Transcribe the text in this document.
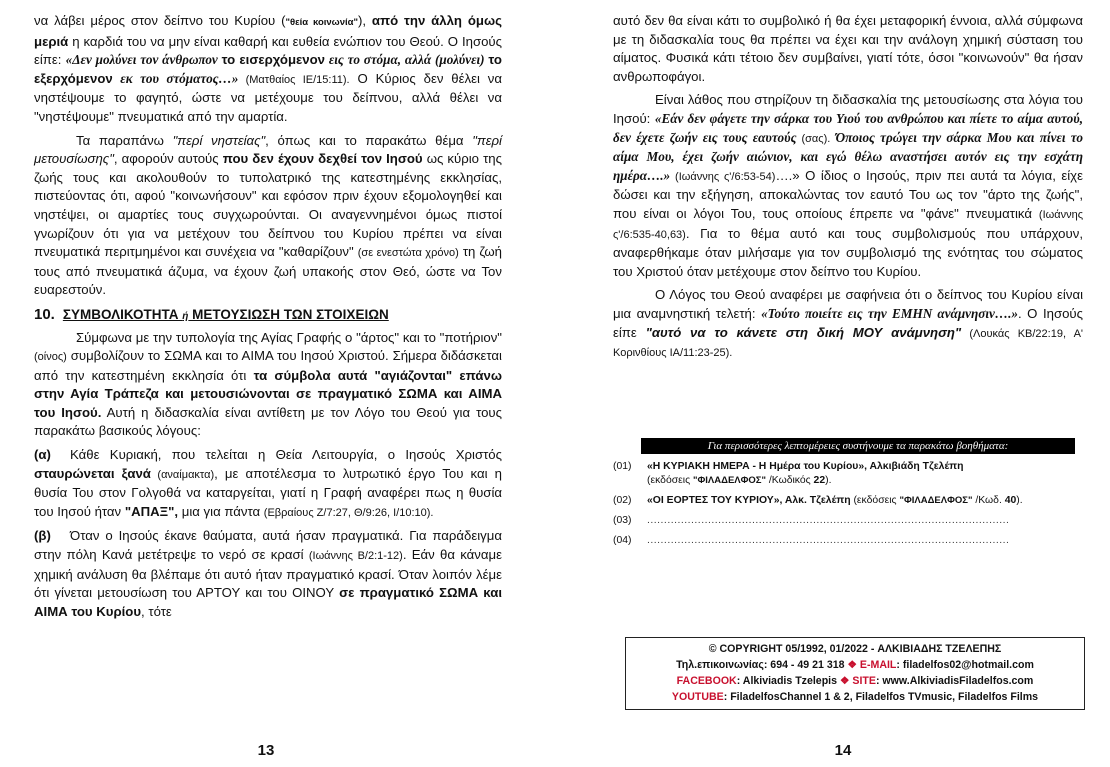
να λάβει μέρος στον δείπνο του Κυρίου ("θεία κοινωνία"), από την άλλη όμως μεριά η καρδιά του να μην είναι καθαρή και ευθεία ενώπιον του Θεού. Ο Ιησούς είπε: «Δεν μολύνει τον άνθρωπον το εισερχόμενον εις το στόμα, αλλά (μολύνει) το εξερχόμενον εκ του στόματος…» (Ματθαίος ΙΕ/15:11). Ο Κύριος δεν θέλει να νηστέψουμε το φαγητό, ώστε να μετέχουμε του δείπνου, αλλά θέλει να "νηστέψουμε" πνευματικά από την αμαρτία.

Τα παραπάνω "περί νηστείας", όπως και το παρακάτω θέμα "περί μετουσίωσης", αφορούν αυτούς που δεν έχουν δεχθεί τον Ιησού ως κύριο της ζωής τους και ακολουθούν το τυπολατρικό της κατεστημένης εκκλησίας, πιστεύοντας ότι, αφού "κοινωνήσουν" και εφόσον πριν έχουν εξομολογηθεί και νηστέψει, οι αμαρτίες τους συγχωρούνται. Οι αναγεννημένοι όμως πιστοί γνωρίζουν ότι για να μετέχουν του δείπνου του Κυρίου πρέπει να είναι πνευματικά περιτμημένοι και συνέχεια να "καθαρίζουν" (σε ενεστώτα χρόνο) τη ζωή τους από πνευματικά άζυμα, να έχουν ζωή υπακοής στον Θεό, ώστε να Τον ευαρεστούν.

10. ΣΥΜΒΟΛΙΚΟΤΗΤΑ ή ΜΕΤΟΥΣΙΩΣΗ ΤΩΝ ΣΤΟΙΧΕΙΩΝ

Σύμφωνα με την τυπολογία της Αγίας Γραφής ο "άρτος" και το "ποτήριον" (οίνος) συμβολίζουν το ΣΩΜΑ και το ΑΙΜΑ του Ιησού Χριστού. Σήμερα διδάσκεται από την κατεστημένη εκκλησία ότι τα σύμβολα αυτά "αγιάζονται" επάνω στην Αγία Τράπεζα και μετουσιώνονται σε πραγματικό ΣΩΜΑ και ΑΙΜΑ του Ιησού. Αυτή η διδασκαλία είναι αντίθετη με τον Λόγο του Θεού για τους παρακάτω βασικούς λόγους:

(α) Κάθε Κυριακή, που τελείται η Θεία Λειτουργία, ο Ιησούς Χριστός σταυρώνεται ξανά (αναίμακτα), με αποτέλεσμα το λυτρωτικό έργο Του και η θυσία Του στον Γολγοθά να καταργείται, γιατί η Γραφή αναφέρει πως η θυσία του Ιησού ήταν "ΑΠΑΞ", μια για πάντα (Εβραίους Ζ/7:27, Θ/9:26, Ι/10:10).

(β) Όταν ο Ιησούς έκανε θαύματα, αυτά ήσαν πραγματικά. Για παράδειγμα στην πόλη Κανά μετέτρεψε το νερό σε κρασί (Ιωάννης Β/2:1-12). Εάν θα κάναμε χημική ανάλυση θα βλέπαμε ότι αυτό ήταν πραγματικό κρασί. Όταν λοιπόν λέμε ότι γίνεται μετουσίωση του ΑΡΤΟΥ και του ΟΙΝΟΥ σε πραγματικό ΣΩΜΑ και ΑΙΜΑ του Κυρίου, τότε

13

αυτό δεν θα είναι κάτι το συμβολικό ή θα έχει μεταφορική έννοια, αλλά σύμφωνα με τη διδασκαλία τους θα πρέπει να έχει και την ανάλογη χημική σύσταση του αίματος. Φυσικά κάτι τέτοιο δεν συμβαίνει, γιατί τότε, όσοι "κοινωνούν" θα ήσαν ανθρωποφάγοι.

Είναι λάθος που στηρίζουν τη διδασκαλία της μετουσίωσης στα λόγια του Ιησού: «Εάν δεν φάγετε την σάρκα του Υιού του ανθρώπου και πίετε το αίμα αυτού, δεν έχετε ζωήν εις τους εαυτούς (σας). Όποιος τρώγει την σάρκα Μου και πίνει το αίμα Μου, έχει ζωήν αιώνιον, και εγώ θέλω αναστήσει αυτόν εις την εσχάτη ημέρα….» (Ιωάννης ς'/6:53-54)….» Ο ίδιος ο Ιησούς, πριν πει αυτά τα λόγια, είχε δώσει και την εξήγηση, αποκαλώντας τον εαυτό Του ως τον "άρτο της ζωής", που είναι οι λόγοι Του, τους οποίους έπρεπε να "φάνε" πνευματικά (Ιωάννης ς'/6:535-40,63). Για το θέμα αυτό και τους συμβολισμούς που υπάρχουν, αναφερθήκαμε όταν μιλήσαμε για τον συμβολισμό της ενότητας του σώματος του Χριστού όταν μετέχουμε στον δείπνο του Κυρίου.

Ο Λόγος του Θεού αναφέρει με σαφήνεια ότι ο δείπνος του Κυρίου είναι μια αναμνηστική τελετή: «Τούτο ποιείτε εις την ΕΜΗΝ ανάμνησιν….». Ο Ιησούς είπε "αυτό να το κάνετε στη δική ΜΟΥ ανάμνηση" (Λουκάς ΚΒ/22:19, Α' Κορινθίους ΙΑ/11:23-25).

Για περισσότερες λεπτομέρειες συστήνουμε τα παρακάτω βοηθήματα:
(01)	«Η ΚΥΡΙΑΚΗ ΗΜΕΡΑ - Η Ημέρα του Κυρίου», Αλκιβιάδη Τζελέπη
(εκδόσεις "ΦΙΛΑΔΕΛΦΟΣ" /Κωδικός 22).
(02)	«ΟΙ ΕΟΡΤΕΣ ΤΟΥ ΚΥΡΙΟΥ», Αλκ. Τζελέπη (εκδόσεις "ΦΙΛΑΔΕΛΦΟΣ" /Κωδ. 40).
(03)	...........................................................................................................
(04)	...........................................................................................................
© COPYRIGHT 05/1992, 01/2022 - ΑΛΚΙΒΙΑΔΗΣ ΤΖΕΛΕΠΗΣ
Τηλ.επικοινωνίας: 694 - 49 21 318 ❖ E-MAIL: filadelfos02@hotmail.com
FACEBOOK: Alkiviadis Tzelepis ❖ SITE: www.AlkiviadisFiladelfos.com
YOUTUBE: FiladelfosChannel 1 & 2, Filadelfos TVmusic, Filadelfos Films
14
